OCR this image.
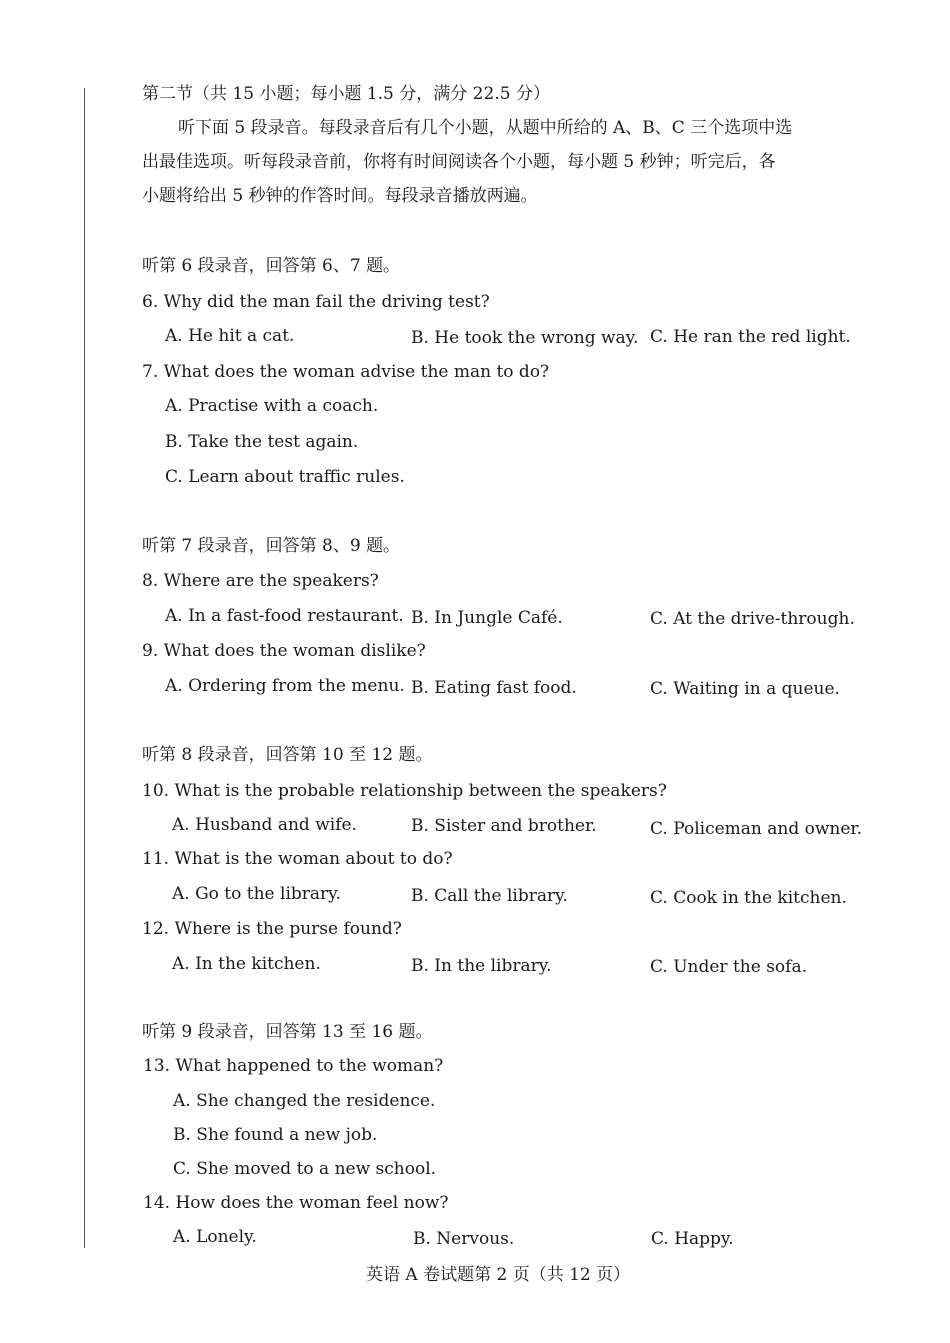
第二节（共 15 小题；每小题 1.5 分，满分 22.5 分）
听下面 5 段录音。每段录音后有几个小题，从题中所给的 A、B、C 三个选项中选
出最佳选项。听每段录音前，你将有时间阅读各个小题，每小题 5 秒钟；听完后，各
小题将给出 5 秒钟的作答时间。每段录音播放两遍。
听第 6 段录音，回答第 6、7 题。
6. Why did the man fail the driving test?
A. He hit a cat.	B. He took the wrong way. C. He ran the red light.
7. What does the woman advise the man to do?
A. Practise with a coach.
B. Take the test again.
C. Learn about traffic rules.
听第 7 段录音，回答第 8、9 题。
8. Where are the speakers?
A. In a fast-food restaurant. B. In Jungle Café.	C. At the drive-through.
9. What does the woman dislike?
A. Ordering from the menu. B. Eating fast food.	C. Waiting in a queue.
听第 8 段录音，回答第 10 至 12 题。
10. What is the probable relationship between the speakers?
A. Husband and wife.	B. Sister and brother.	C. Policeman and owner.
11. What is the woman about to do?
A. Go to the library.	B. Call the library.	C. Cook in the kitchen.
12. Where is the purse found?
A. In the kitchen.	B. In the library.	C. Under the sofa.
听第 9 段录音，回答第 13 至 16 题。
13. What happened to the woman?
A. She changed the residence.
B. She found a new job.
C. She moved to a new school.
14. How does the woman feel now?
A. Lonely.	B. Nervous.	C. Happy.
英语 A 卷试题第 2 页（共 12 页）
